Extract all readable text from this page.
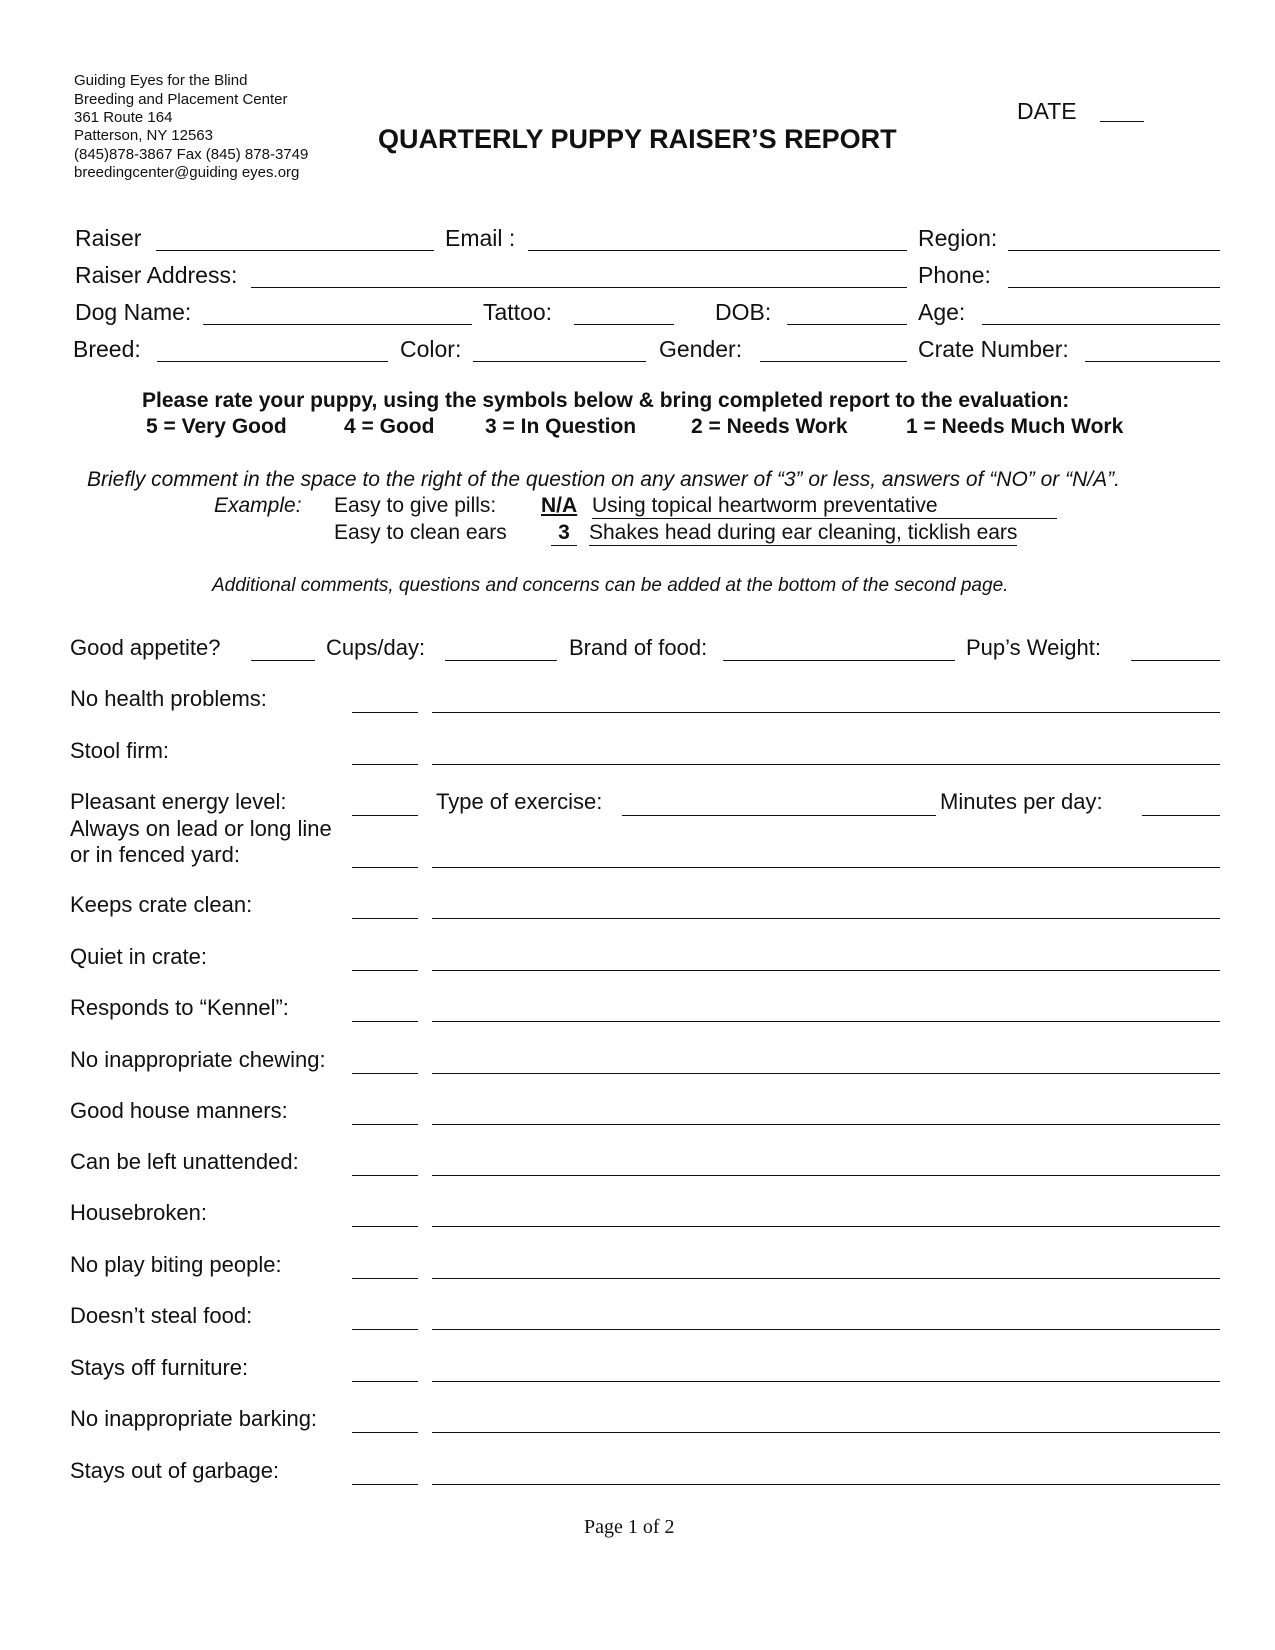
Guiding Eyes for the Blind
Breeding and Placement Center
361 Route 164
Patterson, NY 12563
(845)878-3867 Fax (845) 878-3749
breedingcenter@guiding eyes.org
QUARTERLY PUPPY RAISER’S REPORT
DATE
Raiser	Email :	Region:
Raiser Address:	Phone:
Dog Name:	Tattoo:	DOB:	Age:
Breed:	Color:	Gender:	Crate Number:
Please rate your puppy, using the symbols below & bring completed report to the evaluation:
5 = Very Good	4 = Good 3 = In Question	2 = Needs Work	1 = Needs Much Work
Briefly comment in the space to the right of the question on any answer of “3” or less, answers of “NO” or “N/A”.
Example: Easy to give pills: N/A Using topical heartworm preventative
Easy to clean ears	3 Shakes head during ear cleaning, ticklish ears
Additional comments, questions and concerns can be added at the bottom of the second page.
Good appetite?	Cups/day:	Brand of food:	Pup’s Weight:
No health problems:
Stool firm:
Pleasant energy level:	Type of exercise:	Minutes per day:
Always on lead or long line
or in fenced yard:
Keeps crate clean:
Quiet in crate:
Responds to “Kennel”:
No inappropriate chewing:
Good house manners:
Can be left unattended:
Housebroken:
No play biting people:
Doesn’t steal food:
Stays off furniture:
No inappropriate barking:
Stays out of garbage:
Page 1 of 2
